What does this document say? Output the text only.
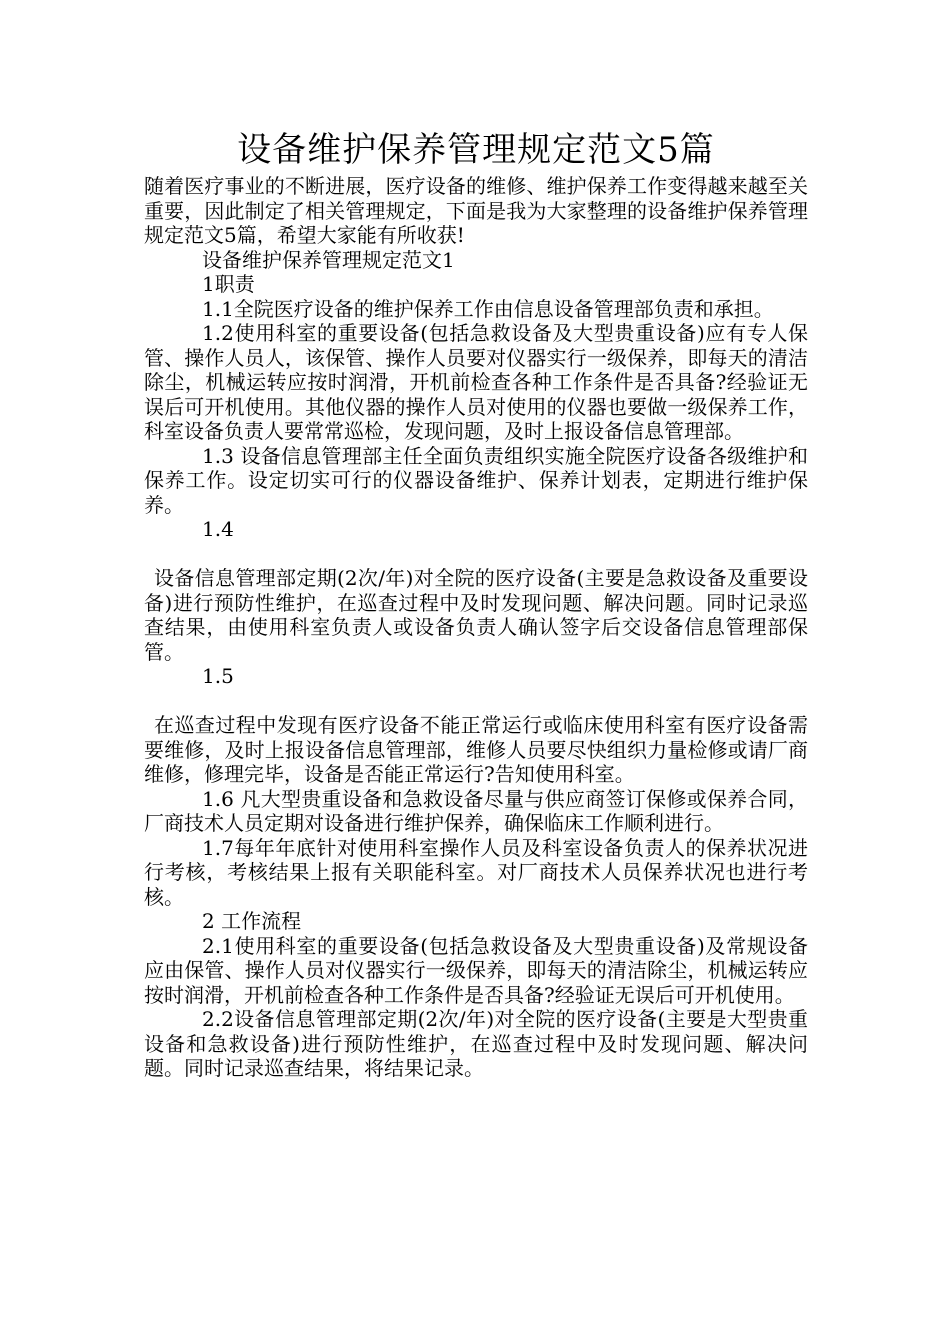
设备维护保养管理规定范文5篇

随着医疗事业的不断进展，医疗设备的维修、维护保养工作变得越来越至关重要，因此制定了相关管理规定，下面是我为大家整理的设备维护保养管理规定范文5篇，希望大家能有所收获!

设备维护保养管理规定范文1

1职责

1.1全院医疗设备的维护保养工作由信息设备管理部负责和承担。

1.2使用科室的重要设备(包括急救设备及大型贵重设备)应有专人保管、操作人员人，该保管、操作人员要对仪器实行一级保养，即每天的清洁除尘，机械运转应按时润滑，开机前检查各种工作条件是否具备?经验证无误后可开机使用。其他仪器的操作人员对使用的仪器也要做一级保养工作，科室设备负责人要常常巡检，发现问题，及时上报设备信息管理部。

1.3 设备信息管理部主任全面负责组织实施全院医疗设备各级维护和保养工作。设定切实可行的仪器设备维护、保养计划表，定期进行维护保养。

1.4

设备信息管理部定期(2次/年)对全院的医疗设备(主要是急救设备及重要设备)进行预防性维护，在巡查过程中及时发现问题、解决问题。同时记录巡查结果，由使用科室负责人或设备负责人确认签字后交设备信息管理部保管。

1.5

在巡查过程中发现有医疗设备不能正常运行或临床使用科室有医疗设备需要维修，及时上报设备信息管理部，维修人员要尽快组织力量检修或请厂商维修，修理完毕，设备是否能正常运行?告知使用科室。

1.6 凡大型贵重设备和急救设备尽量与供应商签订保修或保养合同，厂商技术人员定期对设备进行维护保养，确保临床工作顺利进行。

1.7每年年底针对使用科室操作人员及科室设备负责人的保养状况进行考核，考核结果上报有关职能科室。对厂商技术人员保养状况也进行考核。

2 工作流程

2.1使用科室的重要设备(包括急救设备及大型贵重设备)及常规设备应由保管、操作人员对仪器实行一级保养，即每天的清洁除尘，机械运转应按时润滑，开机前检查各种工作条件是否具备?经验证无误后可开机使用。

2.2设备信息管理部定期(2次/年)对全院的医疗设备(主要是大型贵重设备和急救设备)进行预防性维护，在巡查过程中及时发现问题、解决问题。同时记录巡查结果，将结果记录。
